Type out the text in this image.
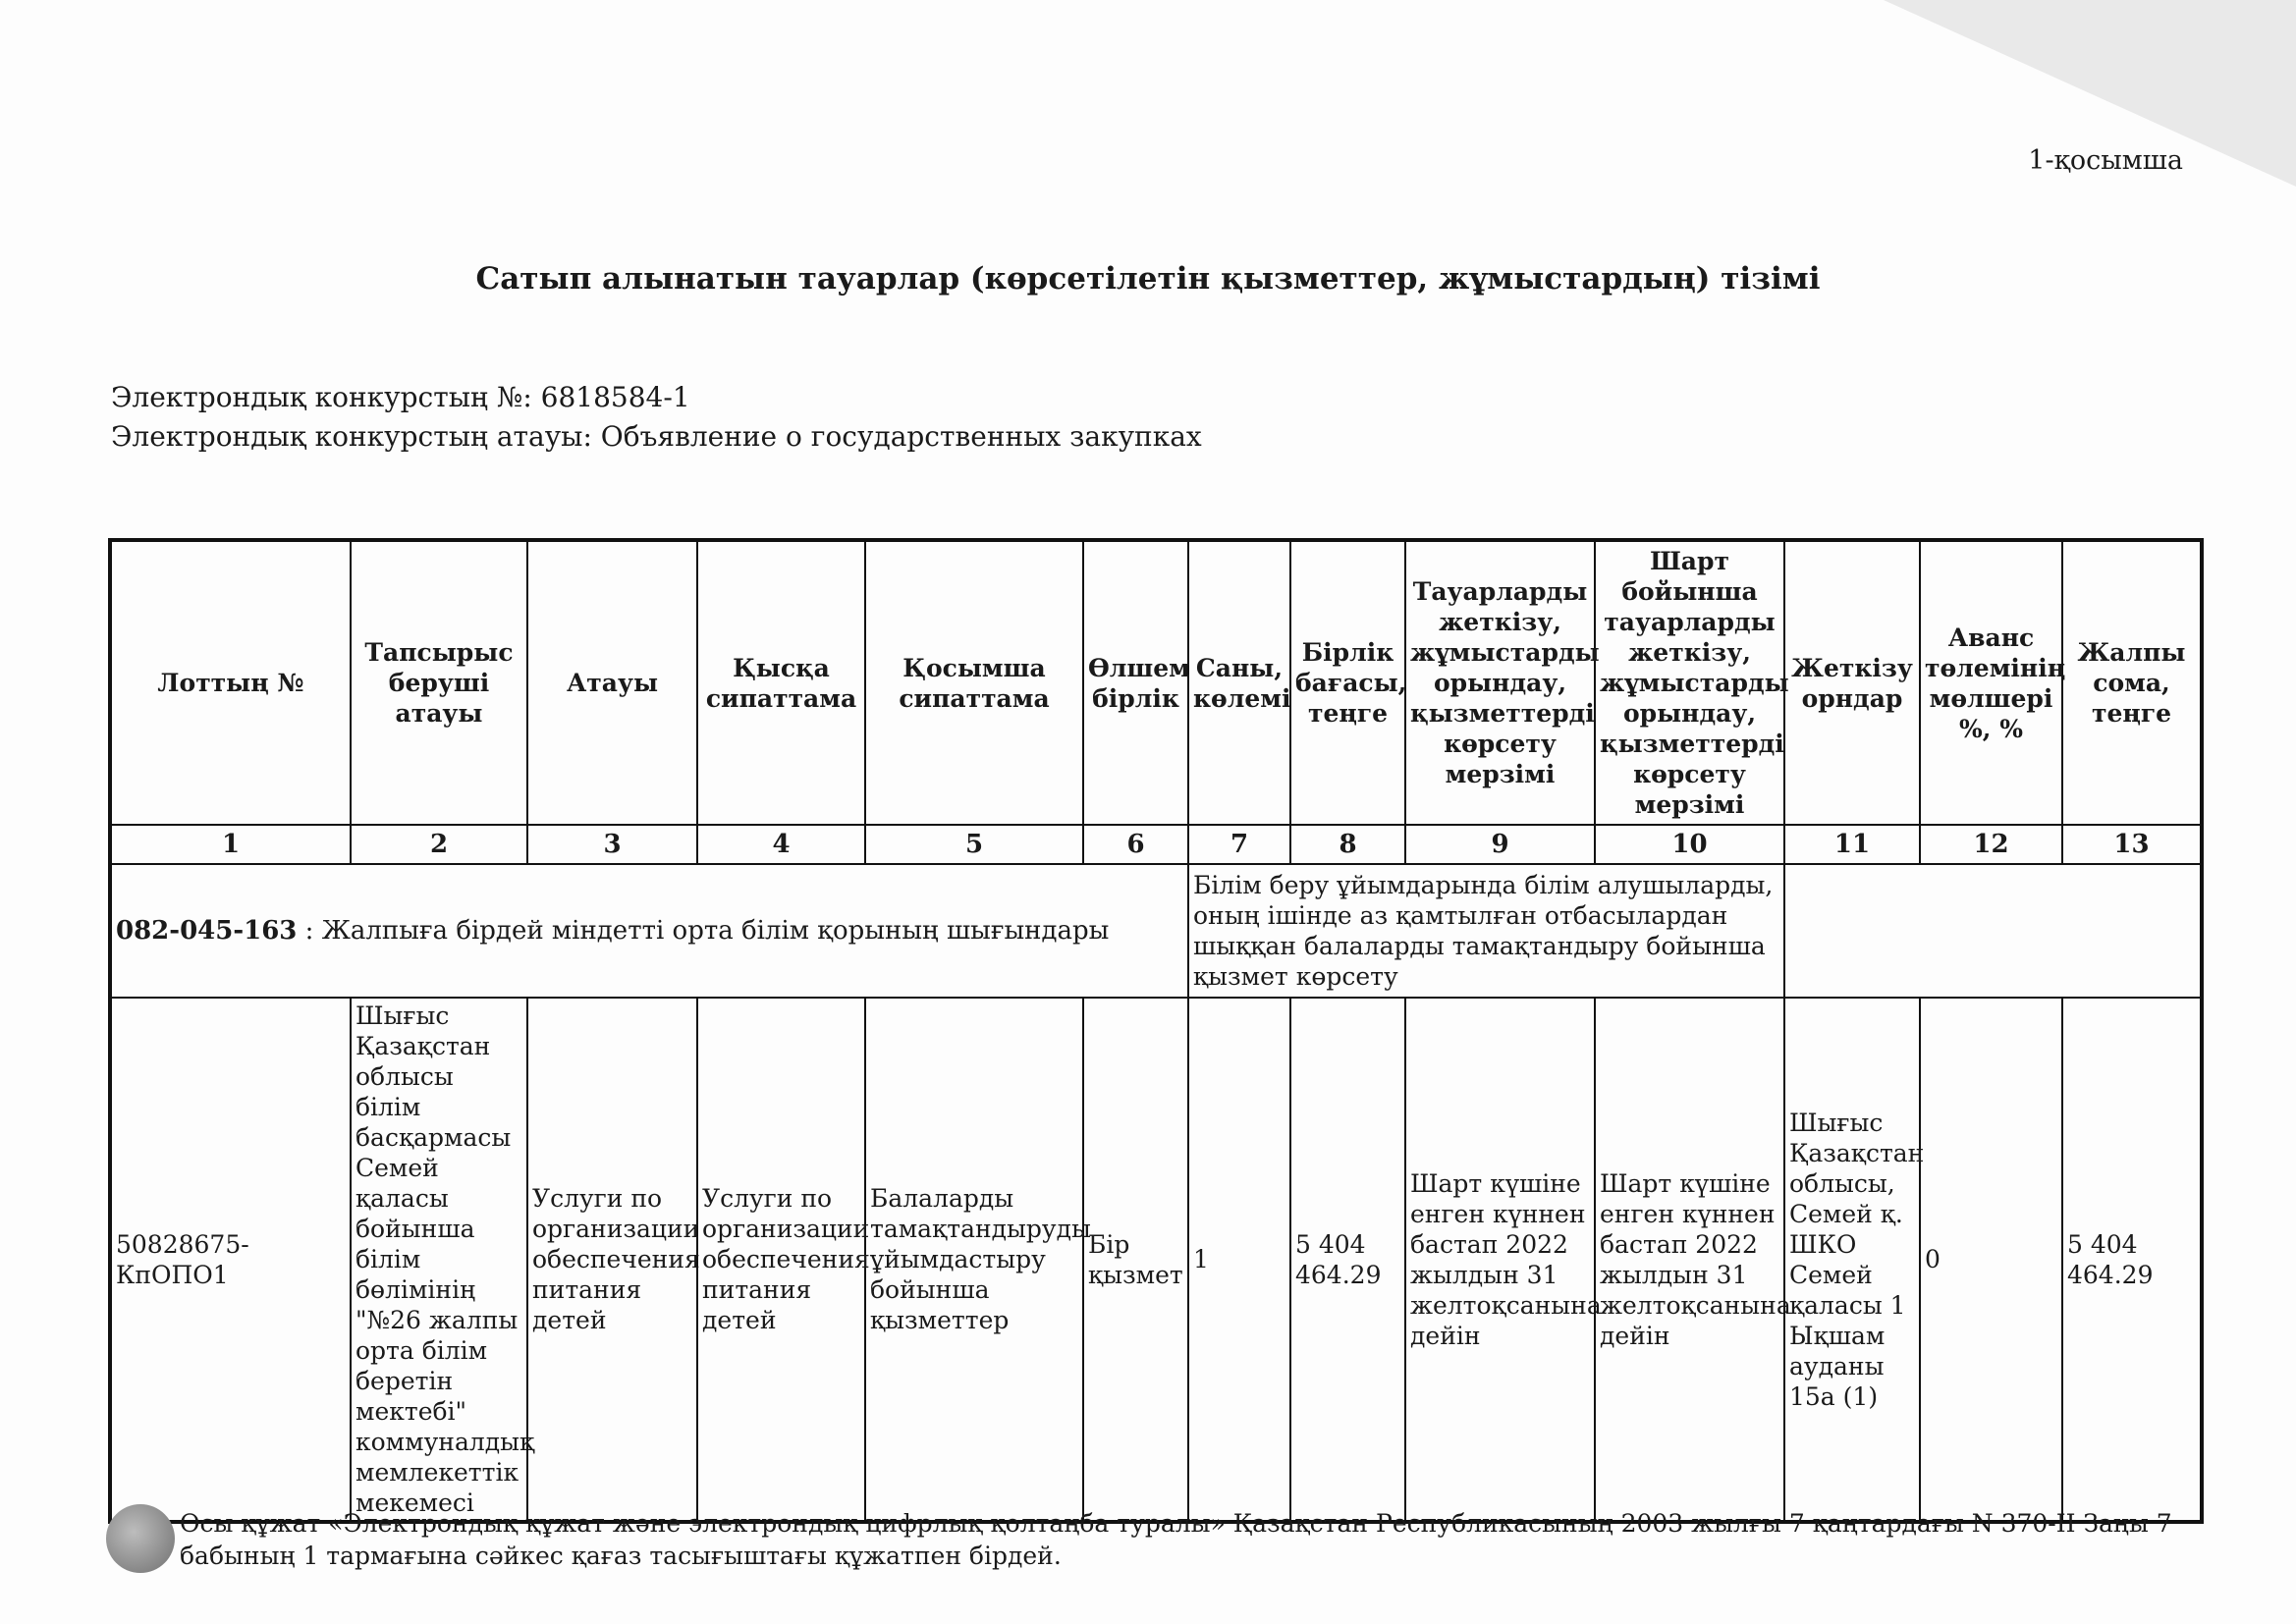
1-қосымша
Сатып алынатын тауарлар (көрсетілетін қызметтер, жұмыстардың) тізімі
Электрондық конкурстың №: 6818584-1
Электрондық конкурстың атауы: Объявление о государственных закупках
Лоттың №	Тапсырыс беруші атауы	Атауы	Қысқа сипаттама	Қосымша сипаттама	Өлшем бірлік	Саны, көлемі	Бірлік бағасы, теңге	Тауарларды жеткізу, жұмыстарды орындау, қызметтерді көрсету мерзімі	Шарт бойынша тауарларды жеткізу, жұмыстарды орындау, қызметтерді көрсету мерзімі	Жеткізу орндар	Аванс төлемінің мөлшері %, %	Жалпы сома, теңге
1	2	3	4	5	6	7	8	9	10	11	12	13
082-045-163 : Жалпыға бірдей міндетті орта білім қорының шығындары						Білім беру ұйымдарында білім алушыларды, оның ішінде аз қамтылған отбасылардан шыққан балаларды тамақтандыру бойынша қызмет көрсету						
50828675-КпОПО1	Шығыс Қазақстан облысы білім басқармасы Семей қаласы бойынша білім бөлімінің "№26 жалпы орта білім беретін мектебі" коммуналдық мемлекеттік мекемесі	Услуги по организации обеспечения питания детей	Услуги по организации обеспечения питания детей	Балаларды тамақтандыруды ұйымдастыру бойынша қызметтер	Бір қызмет	1	5 404 464.29	Шарт күшіне енген күннен бастап 2022 жылдын 31 желтоқсанына дейін	Шарт күшіне енген күннен бастап 2022 жылдын 31 желтоқсанына дейін	Шығыс Қазақстан облысы, Семей қ. ШКО Семей қаласы 1 Ықшам ауданы 15а (1)	0	5 404 464.29
Осы құжат «Электрондық құжат және электрондық цифрлық қолтаңба туралы» Қазақстан Республикасының 2003 жылғы 7 қаңтардағы N 370-II Заңы 7 бабының 1 тармағына сәйкес қағаз тасығыштағы құжатпен бірдей.
